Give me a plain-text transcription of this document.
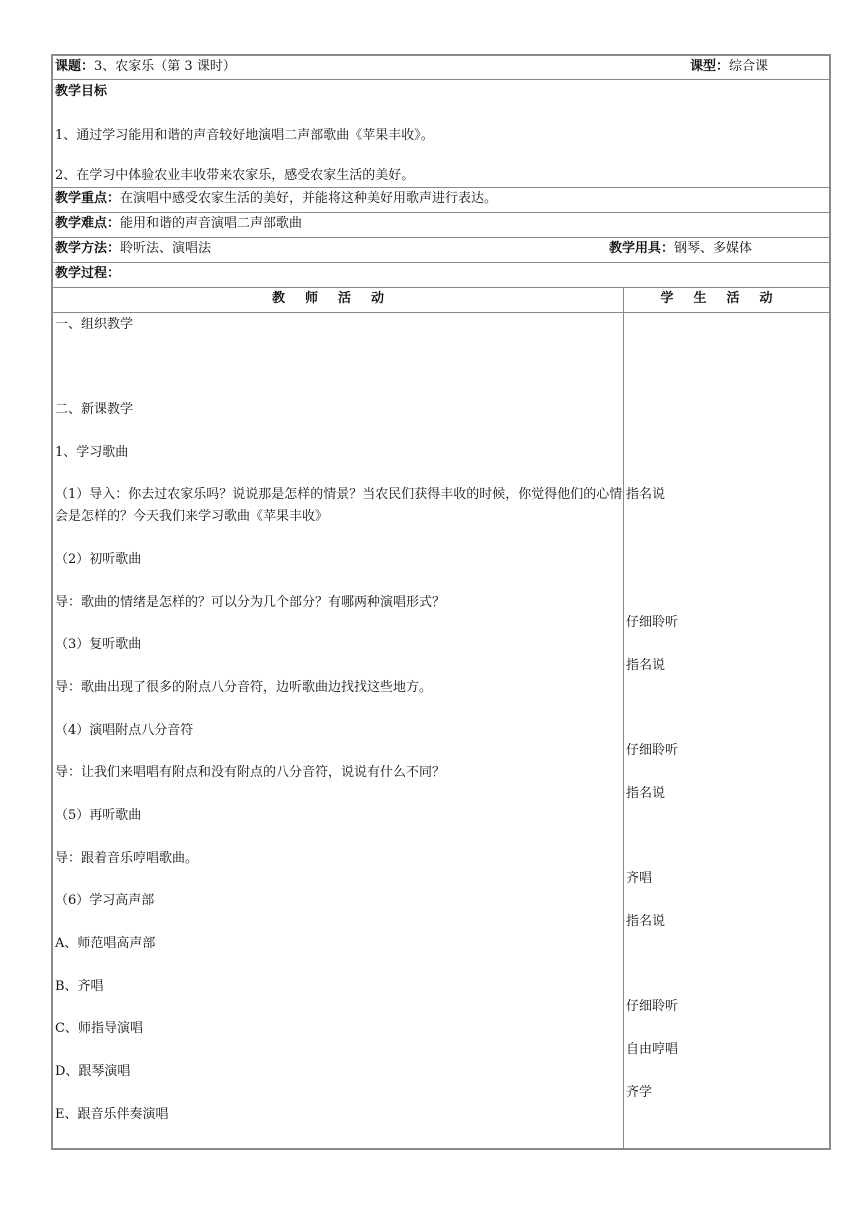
课题：3、农家乐（第 3 课时）	课型：综合课
教学目标
1、通过学习能用和谐的声音较好地演唱二声部歌曲《苹果丰收》。
2、在学习中体验农业丰收带来农家乐，感受农家生活的美好。
教学重点：在演唱中感受农家生活的美好，并能将这种美好用歌声进行表达。
教学难点：能用和谐的声音演唱二声部歌曲
教学方法：聆听法、演唱法	教学用具：钢琴、多媒体
教学过程：
教师活动
一、组织教学
二、新课教学
1、学习歌曲
（1）导入：你去过农家乐吗？说说那是怎样的情景？当农民们获得丰收的时候，你觉得他们的心情会是怎样的？今天我们来学习歌曲《苹果丰收》
（2）初听歌曲
导：歌曲的情绪是怎样的？可以分为几个部分？有哪两种演唱形式？
（3）复听歌曲
导：歌曲出现了很多的附点八分音符，边听歌曲边找找这些地方。
（4）演唱附点八分音符
导：让我们来唱唱有附点和没有附点的八分音符，说说有什么不同？
（5）再听歌曲
导：跟着音乐哼唱歌曲。
（6）学习高声部
A、师范唱高声部
B、齐唱
C、师指导演唱
D、跟琴演唱
E、跟音乐伴奏演唱
学生活动
指名说
仔细聆听
指名说
仔细聆听
指名说
齐唱
指名说
仔细聆听
自由哼唱
齐学
